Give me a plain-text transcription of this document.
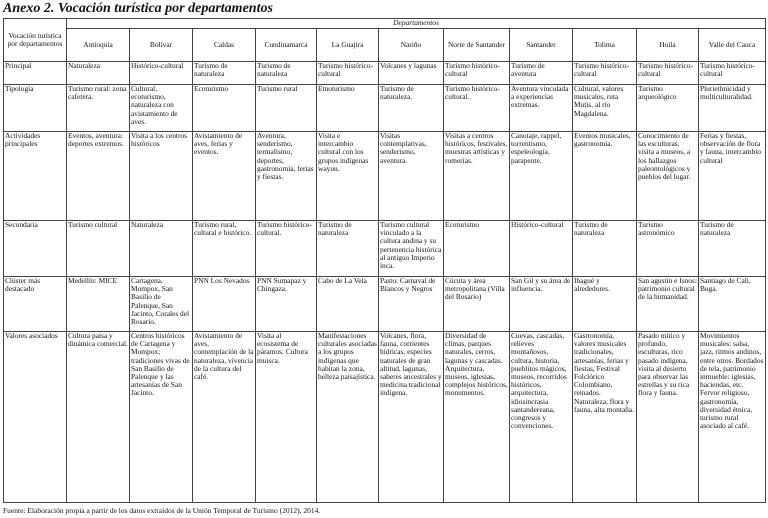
Anexo 2. Vocación turística por departamentos
Vocación turística por departamentos	Departamentos										
	Antioquia	Bolívar	Caldas	Cundinamarca	La Guajira	Nariño	Norte de Santander	Santander	Tolima	Huila	Valle del Cauca
Principal	Naturaleza	Histórico-cultural	Turismo de naturaleza	Turismo de naturaleza	Turismo histórico-cultural	Volcanes y lagunas	Turismo histórico-cultural	Turismo de aventura	Turismo histórico-cultural	Turismo histórico-cultural	Turismo histórico-cultural
Tipología	Turismo rural: zona cafetera.	Cultural, ecoturismo, naturaleza con avistamiento de aves.	Ecoturismo	Turismo rural	Etnoturismo	Turismo de naturaleza.	Turismo histórico-cultural.	Aventura vinculada a experiencias extremas.	Cultural, valores musicales, ruta Mutis, al río Magdalena.	Turismo arqueológico	Pluriethnicidad y multiculturalidad.
Actividades principales	Eventos, aventura: deportes extremos.	Visita a los centros históricos	Avistamiento de aves, ferias y eventos.	Aventura, senderismo, termalismo, deportes, gastronomía, ferias y fiestas.	Visita e intercambio cultural con los grupos indígenas wayuu.	Visitas contemplativas, senderismo, aventura.	Visitas a centros históricos, festivales, muestras artísticas y romerías.	Canotaje, rappel, torrentismo, espeleología, parapente.	Eventos musicales, gastronomía.	Conocimiento de las esculturas, visita a museos, a los hallazgos paleontológicos y pueblos del lugar.	Ferias y fiestas, observación de flora y fauna, intercambio cultural
Secundaria	Turismo cultural	Naturaleza	Turismo rural, cultural e histórico.	Turismo histórico-cultural.	Turismo de naturaleza	Turismo cultural vinculado a la cultura andina y su pertenencia histórica al antiguo Imperio inca.	Ecoturismo	Histórico-cultural	Turismo de naturaleza	Turismo astronómico	Turismo de naturaleza
Clúster más destacado	Medellín: MICE	Cartagena, Mompox, San Basilio de Palenque, San Jacinto, Corales del Rosario.	PNN Los Nevados	PNN Sumapaz y Chingaza.	Cabo de La Vela	Pasto: Carnaval de Blancos y Negros	Cúcuta y área metropolitana (Villa del Rosario)	San Gil y su área de influencia.	Ibagué y alrededores.	San agustín e Isnos: patrimonio cultural de la humanidad.	Santiago de Cali, Buga.
Valores asociados	Cultura paisa y dinámica comercial.	Centros históricos de Cartagena y Mompox; tradiciones vivas de San Basilio de Palenque y las artesanías de San Jacinto.	Avistamiento de aves, contemplación de la naturaleza, vivencia de la cultura del café.	Visita al ecosistema de páramos. Cultura muisca.	Manifestaciones culturales asociadas a los grupos indígenas que habitan la zona, belleza paisajística.	Volcanes, flora, fauna, corrientes hídricas, especies naturales de gran altitud, lagunas, saberes ancestrales y medicina tradicional indígena.	Diversidad de climas, parques naturales, cerros, lagunas y cascadas. Arquitectura, museos, iglesias, complejos históricos, monumentos.	Cuevas, cascadas, relieves montañosos, cultura, historia, pueblitos mágicos, museos, recorridos históricos, arquitectura, idiosincrasia santandereana, congresos y convenciones.	Gastronomía, valores musicales tradicionales, artesanías, ferias y fiestas, Festival Folclórico Colombiano, reinados. Naturaleza, flora y fauna, alta montaña.	Pasado mítico y profundo, esculturas, rico pasado indígena, visita al desierto para observar las estrellas y su rica flora y fauna.	Movimientos musicales: salsa, jazz, ritmos andinos, entre otros. Bordados de tela, patrimonio inmueble: iglesias, haciendas, etc. Fervor religioso, gastronomía, diversidad étnica, turismo rural asociado al café.
Fuente: Elaboración propia a partir de los datos extraídos de la Unión Temporal de Turismo (2012), 2014.
